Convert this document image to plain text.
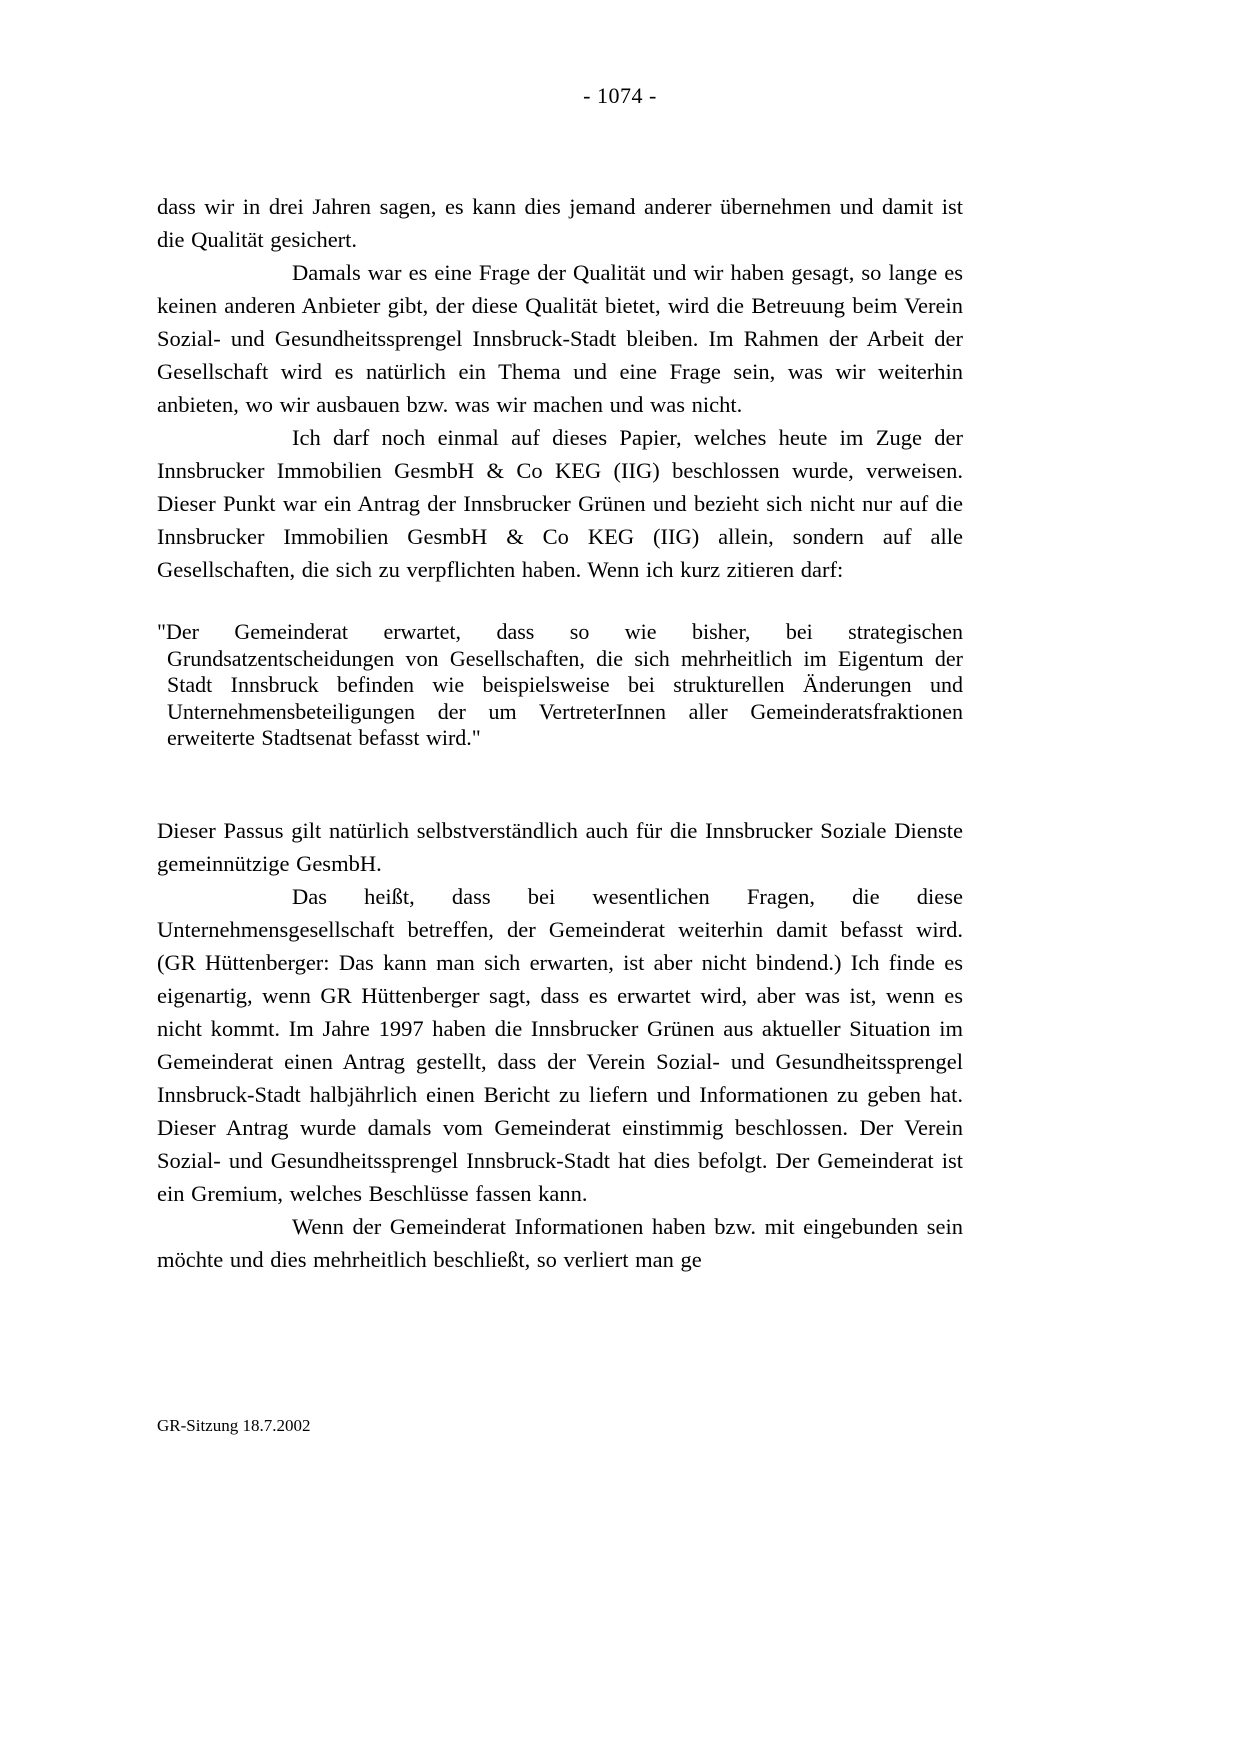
- 1074 -

dass wir in drei Jahren sagen, es kann dies jemand anderer übernehmen und damit ist die Qualität gesichert.

Damals war es eine Frage der Qualität und wir haben gesagt, so lange es keinen anderen Anbieter gibt, der diese Qualität bietet, wird die Betreuung beim Verein Sozial- und Gesundheitssprengel Innsbruck-Stadt bleiben. Im Rahmen der Arbeit der Gesellschaft wird es natürlich ein Thema und eine Frage sein, was wir weiterhin anbieten, wo wir ausbauen bzw. was wir machen und was nicht.

Ich darf noch einmal auf dieses Papier, welches heute im Zuge der Innsbrucker Immobilien GesmbH & Co KEG (IIG) beschlossen wurde, verweisen. Dieser Punkt war ein Antrag der Innsbrucker Grünen und bezieht sich nicht nur auf die Innsbrucker Immobilien GesmbH & Co KEG (IIG) allein, sondern auf alle Gesellschaften, die sich zu verpflichten haben. Wenn ich kurz zitieren darf:

"Der Gemeinderat erwartet, dass so wie bisher, bei strategischen Grundsatzentscheidungen von Gesellschaften, die sich mehrheitlich im Eigentum der Stadt Innsbruck befinden wie beispielsweise bei strukturellen Änderungen und Unternehmensbeteiligungen der um VertreterInnen aller Gemeinderatsfraktionen erweiterte Stadtsenat befasst wird."

Dieser Passus gilt natürlich selbstverständlich auch für die Innsbrucker Soziale Dienste gemeinnützige GesmbH.

Das heißt, dass bei wesentlichen Fragen, die diese Unternehmensgesellschaft betreffen, der Gemeinderat weiterhin damit befasst wird. (GR Hüttenberger: Das kann man sich erwarten, ist aber nicht bindend.) Ich finde es eigenartig, wenn GR Hüttenberger sagt, dass es erwartet wird, aber was ist, wenn es nicht kommt. Im Jahre 1997 haben die Innsbrucker Grünen aus aktueller Situation im Gemeinderat einen Antrag gestellt, dass der Verein Sozial- und Gesundheitssprengel Innsbruck-Stadt halbjährlich einen Bericht zu liefern und Informationen zu geben hat. Dieser Antrag wurde damals vom Gemeinderat einstimmig beschlossen. Der Verein Sozial- und Gesundheitssprengel Innsbruck-Stadt hat dies befolgt. Der Gemeinderat ist ein Gremium, welches Beschlüsse fassen kann.

Wenn der Gemeinderat Informationen haben bzw. mit eingebunden sein möchte und dies mehrheitlich beschließt, so verliert man ge

GR-Sitzung 18.7.2002
